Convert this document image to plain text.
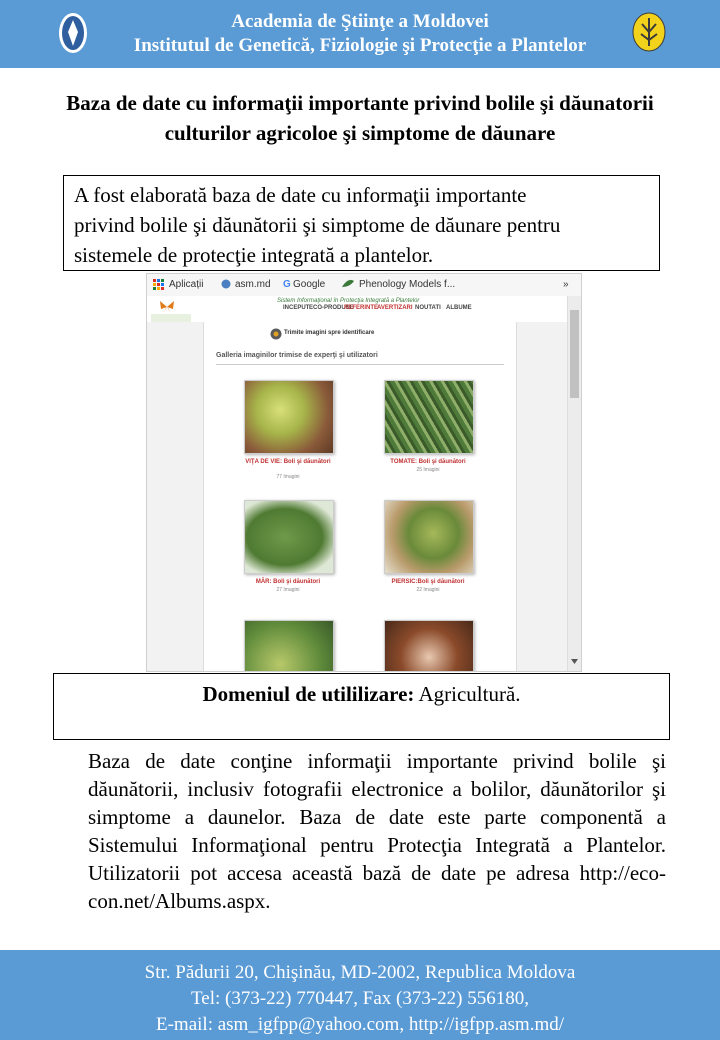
Academia de Ştiinţe a Moldovei
Institutul de Genetică, Fiziologie şi Protecţie a Plantelor
Baza de date cu informaţii importante privind bolile şi dăunatorii culturilor agricoloe şi simptome de dăunare
A fost elaborată baza de date cu informaţii importante
privind bolile şi dăunătorii şi simptome de dăunare pentru
sistemele de protecţie integrată a plantelor.
Aplicații	asm.md G Google	Phenology Models f...	»
Sistem Informaţional în Protecţia Integrată a Plantelor
INCEPUT ECO-PRODUSE
REFERINTE
AVERTIZARI NOUTATI ALBUME
Trimite imagini spre identificare
Galleria imaginilor trimise de experţi şi utilizatori
VIŢA DE VIE: Boli şi dăunători
77 Imagini
TOMATE: Boli şi dăunători
25 Imagini
MĂR: Boli şi dăunători
27 Imagini
PIERSIC:Boli şi dăunători
22 Imagini
Domeniul de utililizare: Agricultură.
Baza de date conţine informaţii importante privind bolile şi dăunătorii, inclusiv fotografii electronice a bolilor, dăunătorilor şi simptome a daunelor. Baza de date este parte componentă a Sistemului Informaţional pentru Protecţia Integrată a Plantelor. Utilizatorii pot accesa această bază de date pe adresa http://eco-con.net/Albums.aspx.
Str. Pădurii 20, Chişinău, MD-2002, Republica Moldova
Tel: (373-22) 770447, Fax (373-22) 556180,
E-mail: asm_igfpp@yahoo.com, http://igfpp.asm.md/
